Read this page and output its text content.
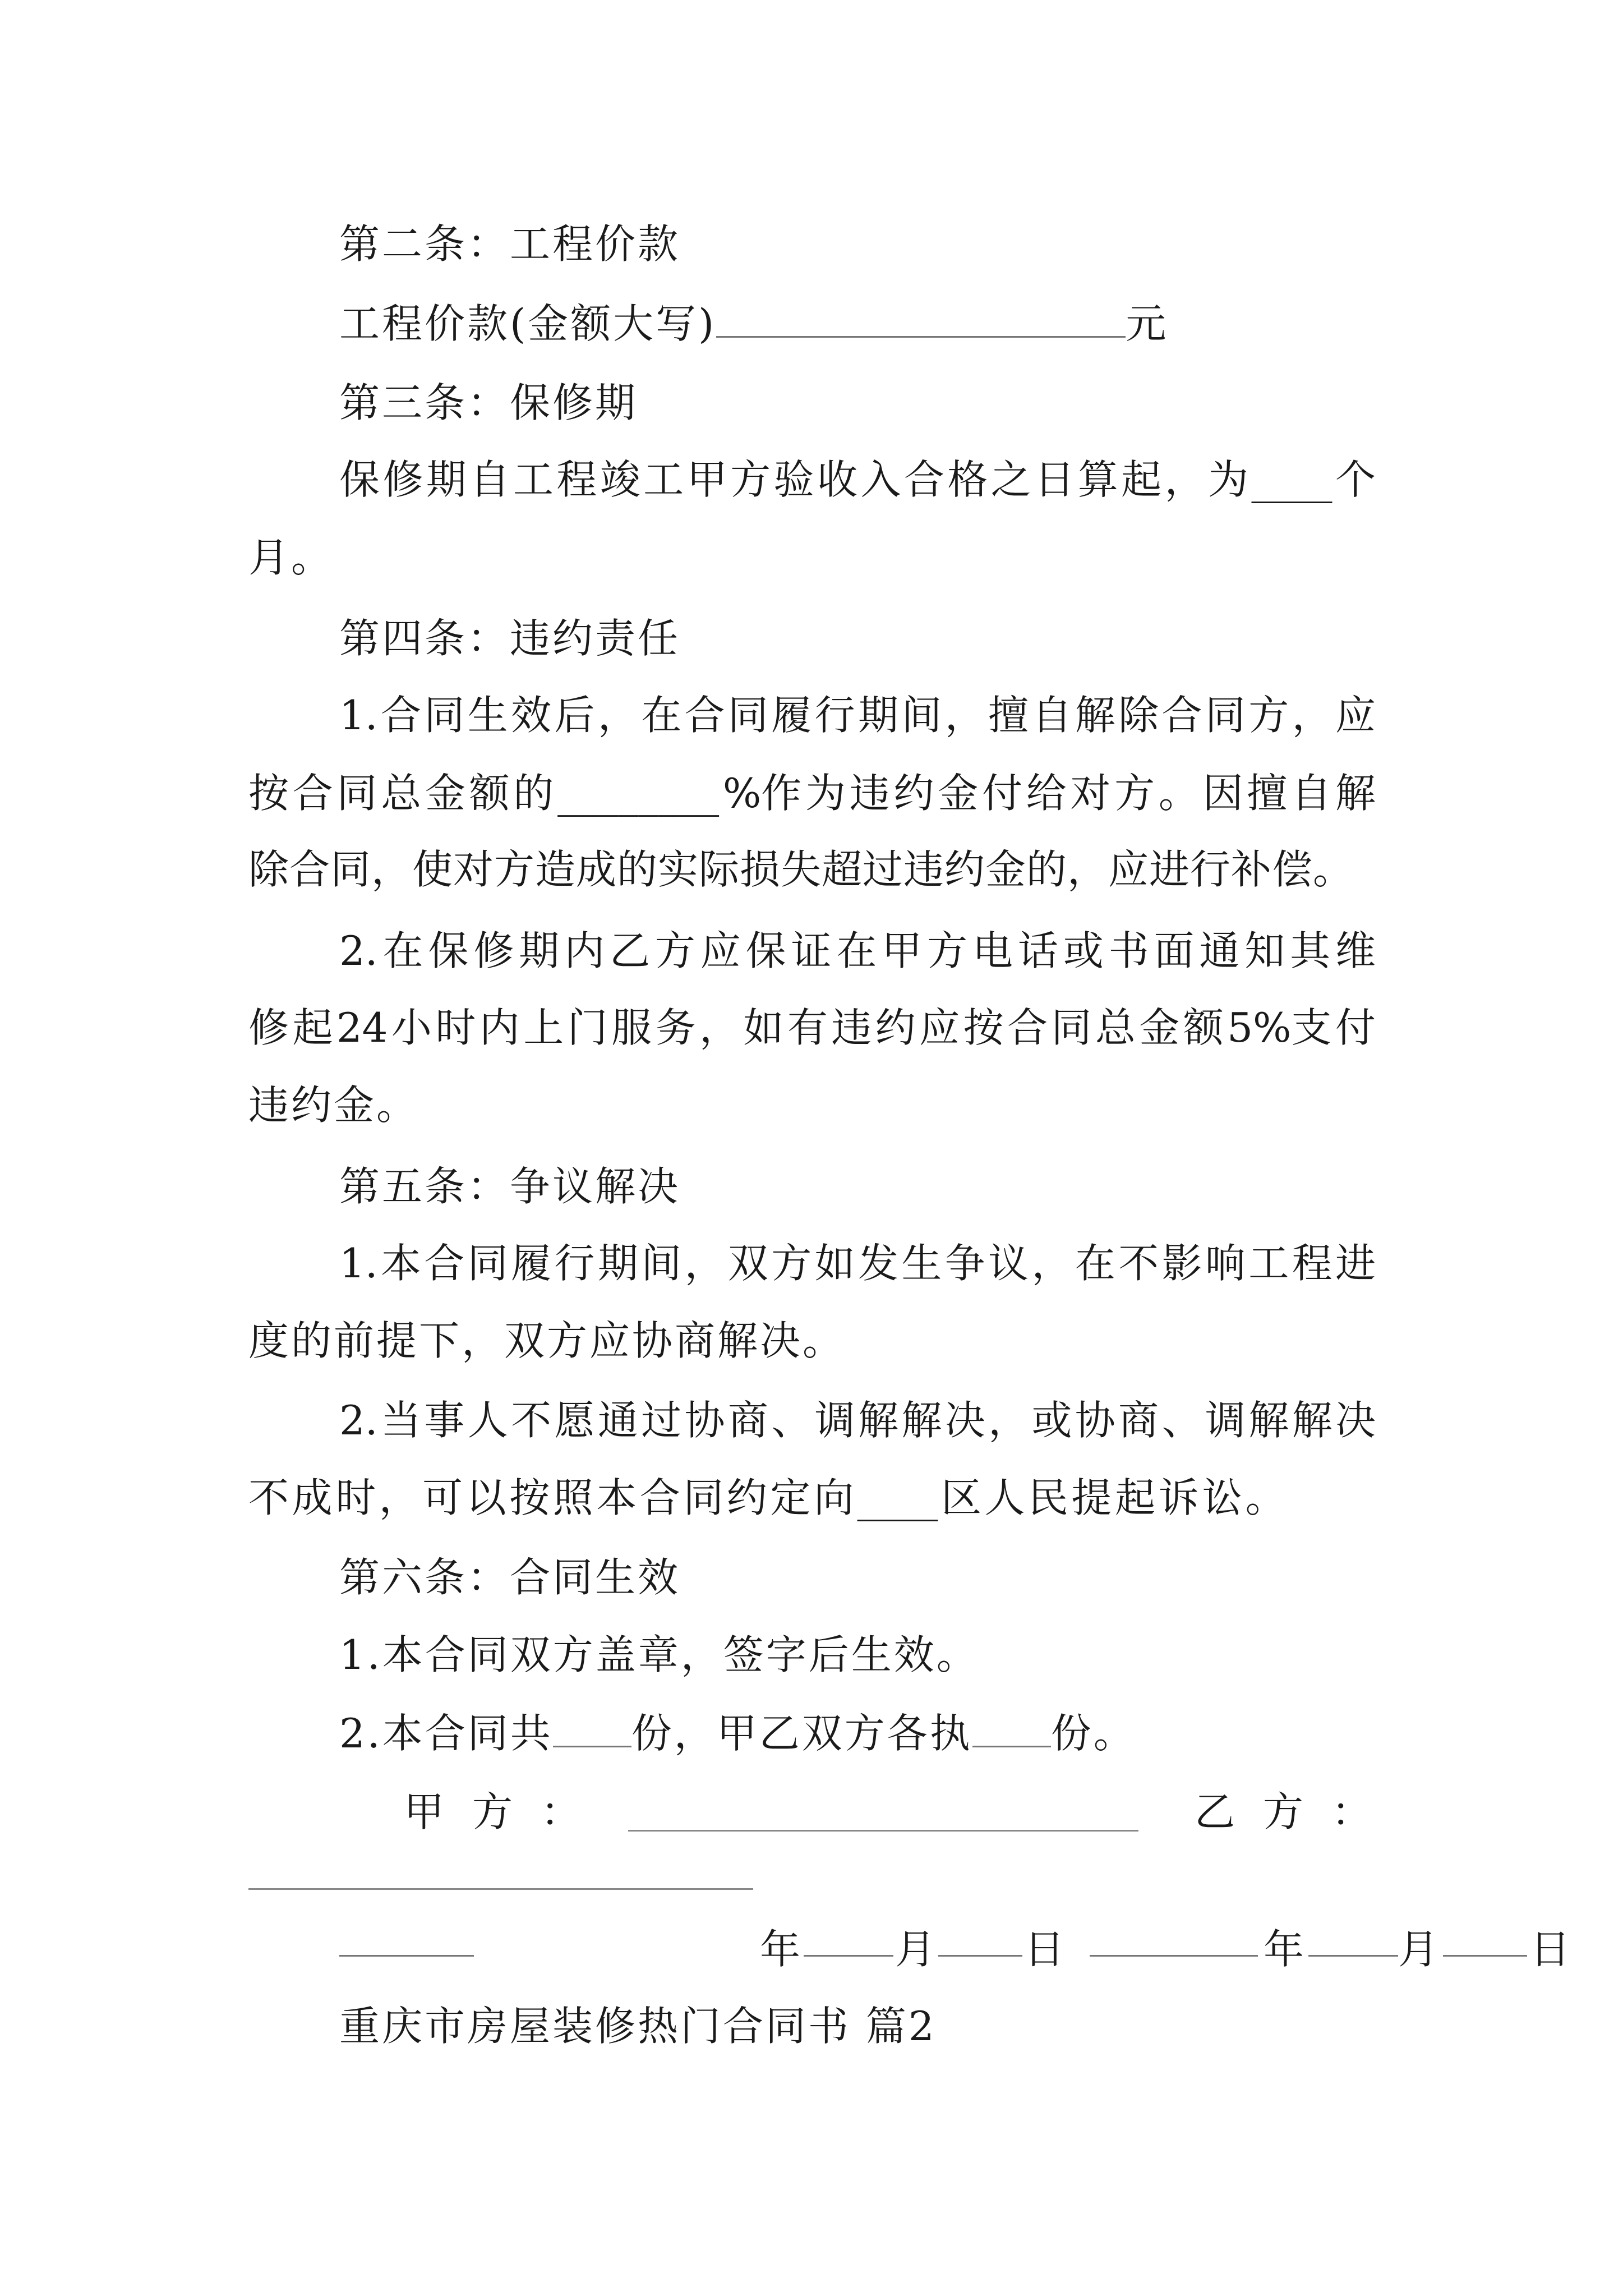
第二条：工程价款
工程价款(金额大写)	元
第三条：保修期
保 修 期 自 工 程 竣 工 甲 方 验 收 入 合 格 之 日 算 起 ， 为 ____ 个
月。
第四条：违约责任
1. 合 同 生 效 后 ， 在 合 同 履 行 期 间 ， 擅 自 解 除 合 同 方 ， 应
按 合 同 总 金 额 的 ________ %作 为 违 约 金 付 给 对 方 。 因 擅 自 解
除合同，使对方造成的实际损失超过违约金的，应进行补偿。
2. 在 保 修 期 内 乙 方 应 保 证 在 甲 方 电 话 或 书 面 通 知 其 维
修 起 24 小 时 内 上 门 服 务 ， 如 有 违 约 应 按 合 同 总 金 额 5%支 付
违约金。
第五条：争议解决
1. 本 合 同 履 行 期 间 ， 双 方 如 发 生 争 议 ， 在 不 影 响 工 程 进
度的前提下，双方应协商解决。
2. 当 事 人 不 愿 通 过 协 商 、 调 解 解 决 ， 或 协 商 、 调 解 解 决
不 成 时 ， 可 以 按 照 本 合 同 约 定 向 ____ 区 人 民 提 起 诉 讼 。
第六条：合同生效
1.本合同双方盖章，签字后生效。
2.本合同共 份，甲乙双方各执 份。
甲 方 ：	乙 方 ：
年 月 日	年 月 日
重庆市房屋装修热门合同书 篇2
